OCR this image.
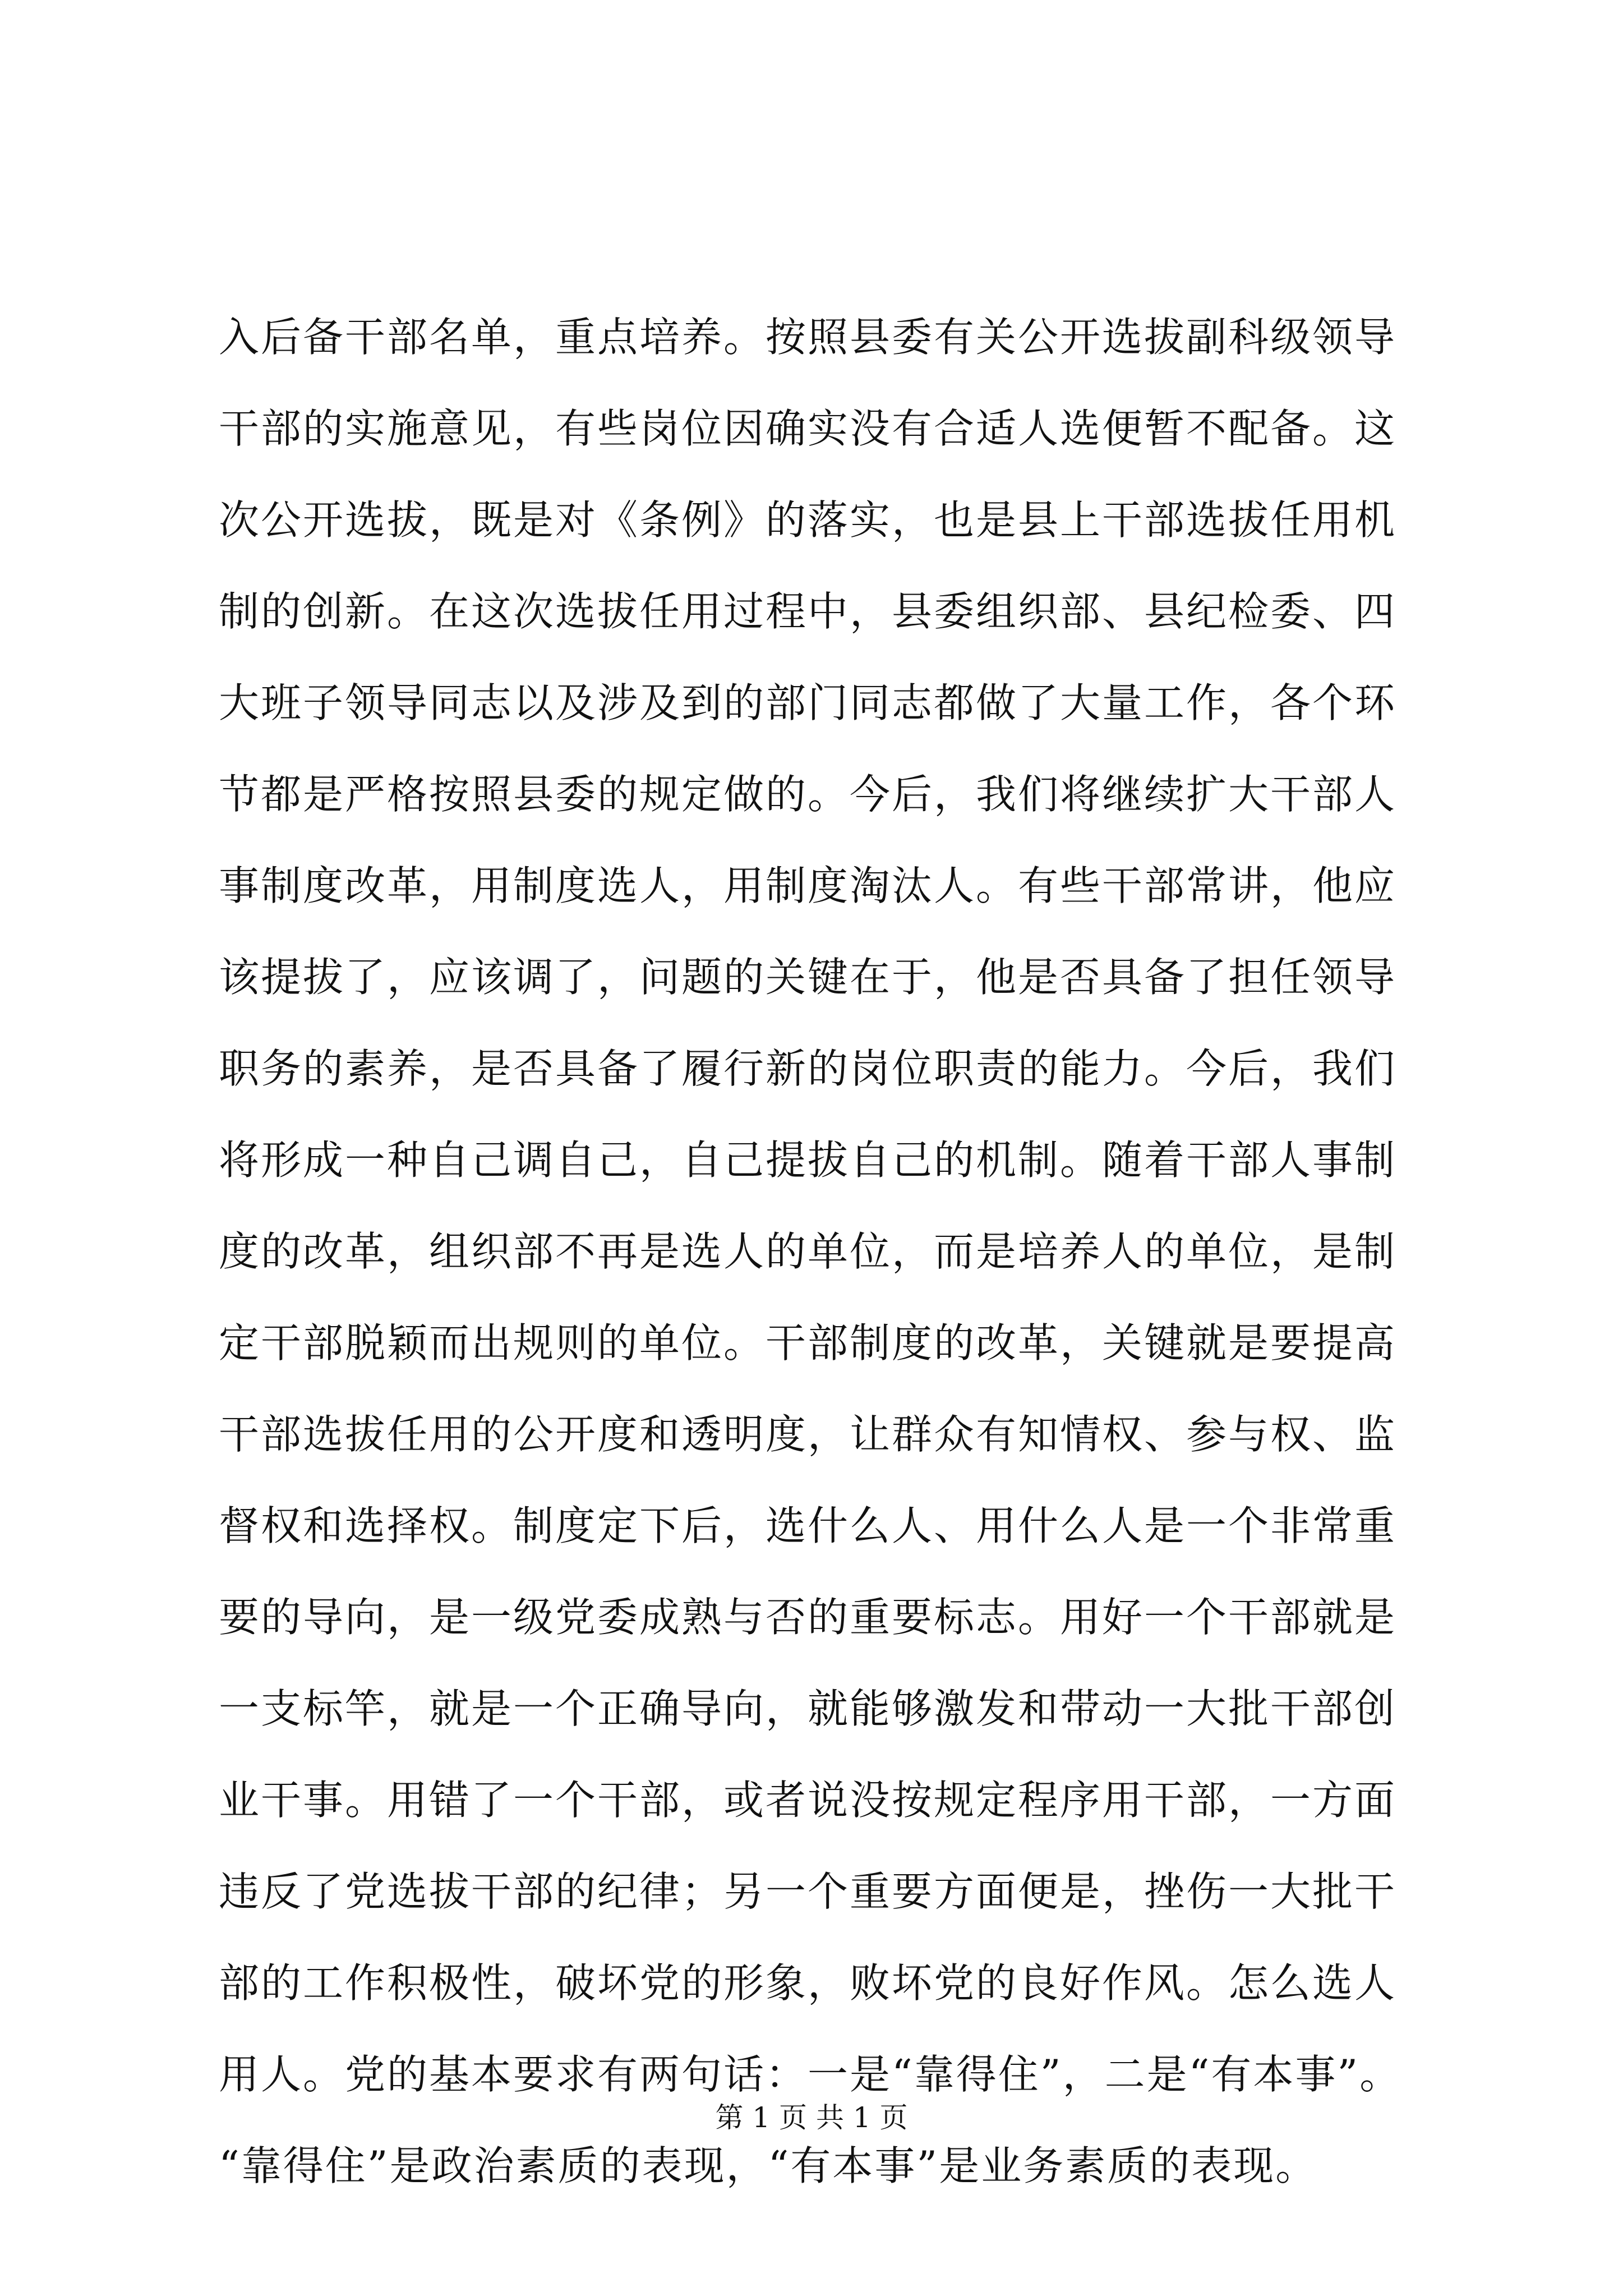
入后备干部名单，重点培养。按照县委有关公开选拔副科级领导
干部的实施意见，有些岗位因确实没有合适人选便暂不配备。这
次公开选拔，既是对《条例》的落实，也是县上干部选拔任用机
制的创新。在这次选拔任用过程中，县委组织部、县纪检委、四
大班子领导同志以及涉及到的部门同志都做了大量工作，各个环
节都是严格按照县委的规定做的。今后，我们将继续扩大干部人
事制度改革，用制度选人，用制度淘汰人。有些干部常讲，他应
该提拔了，应该调了，问题的关键在于，他是否具备了担任领导
职务的素养，是否具备了履行新的岗位职责的能力。今后，我们
将形成一种自己调自己，自己提拔自己的机制。随着干部人事制
度的改革，组织部不再是选人的单位，而是培养人的单位，是制
定干部脱颖而出规则的单位。干部制度的改革，关键就是要提高
干部选拔任用的公开度和透明度，让群众有知情权、参与权、监
督权和选择权。制度定下后，选什么人、用什么人是一个非常重
要的导向，是一级党委成熟与否的重要标志。用好一个干部就是
一支标竿，就是一个正确导向，就能够激发和带动一大批干部创
业干事。用错了一个干部，或者说没按规定程序用干部，一方面
违反了党选拔干部的纪律；另一个重要方面便是，挫伤一大批干
部的工作积极性，破坏党的形象，败坏党的良好作风。怎么选人
用人。党的基本要求有两句话：一是“靠得住”，二是“有本事”。
“靠得住”是政治素质的表现，“有本事”是业务素质的表现。
第 1 页 共 1 页
